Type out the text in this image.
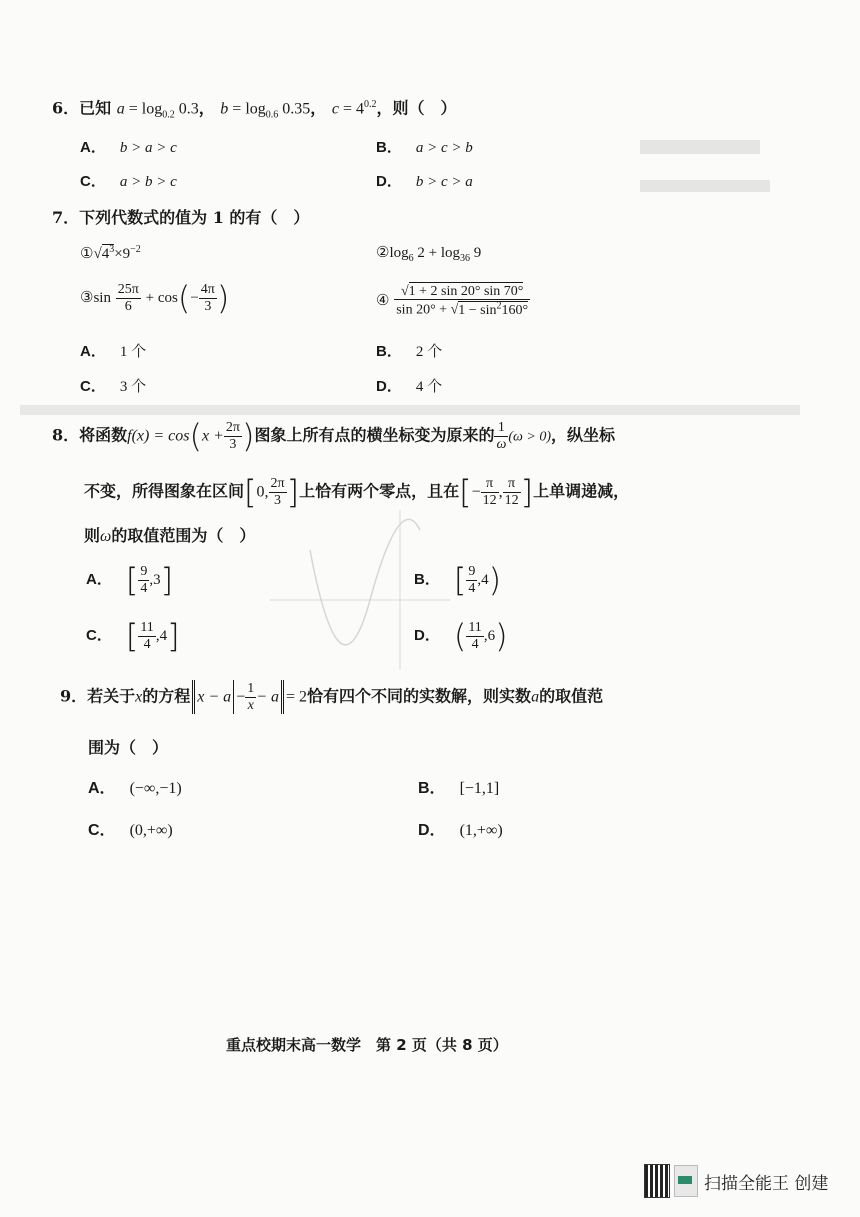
6．已知 $a = \log_{0.2} 0.3$， $b = \log_{0.6} 0.35$， $c = 4^{0.2}$，则（　）
A． b > a > c	B． a > c > b
C． a > b > c	D． b > c > a
7．下列代数式的值为 1 的有（　）
$①√4^3\times 9^{-2}$	$②\log_6$ $2 + \log_{36} 9$
③sin $\frac{25\pi}{6} + \cos(- \frac{4\pi}{3}$ )	④ $\frac{√1 + 2 \sin 20^\circ \sin 70^\circ}{\sin 20^\circ + √1 - \sin^2160^\circ}$
A． 1 个	B． 2 个
C． 3 个	D． 4 个
8．将函数$f(x) = \cos(x + \frac{2\pi}{3}$ )图象上所有点的横坐标变为原来的 $\frac{1}{\omega} (\omega > 0)$，纵坐标
不变，所得图象在区间[0, $\frac{2\pi}{3}$ ]上恰有两个零点，且在[− $\frac{\pi}{12}$ , $\frac{\pi}{12}$ ]上单调递减，
则ω的取值范围为（　）
A． [ $\frac{9}{4} ,3$]	B． [ $\frac{9}{4} ,4$)
C． [ $\frac{11}{4} ,4$]	D． ( $\frac{11}{4} ,6$)
9．若关于x的方程 $x - a - \frac{1}{x} - a = 2$恰有四个不同的实数解，则实数a的取值范
围为（　）
A． (−∞,−1)	B． [−1,1]
C． (0,+∞)	D． (1,+∞)
重点校期末高一数学　第 2 页（共 8 页）
扫描全能王 创建
